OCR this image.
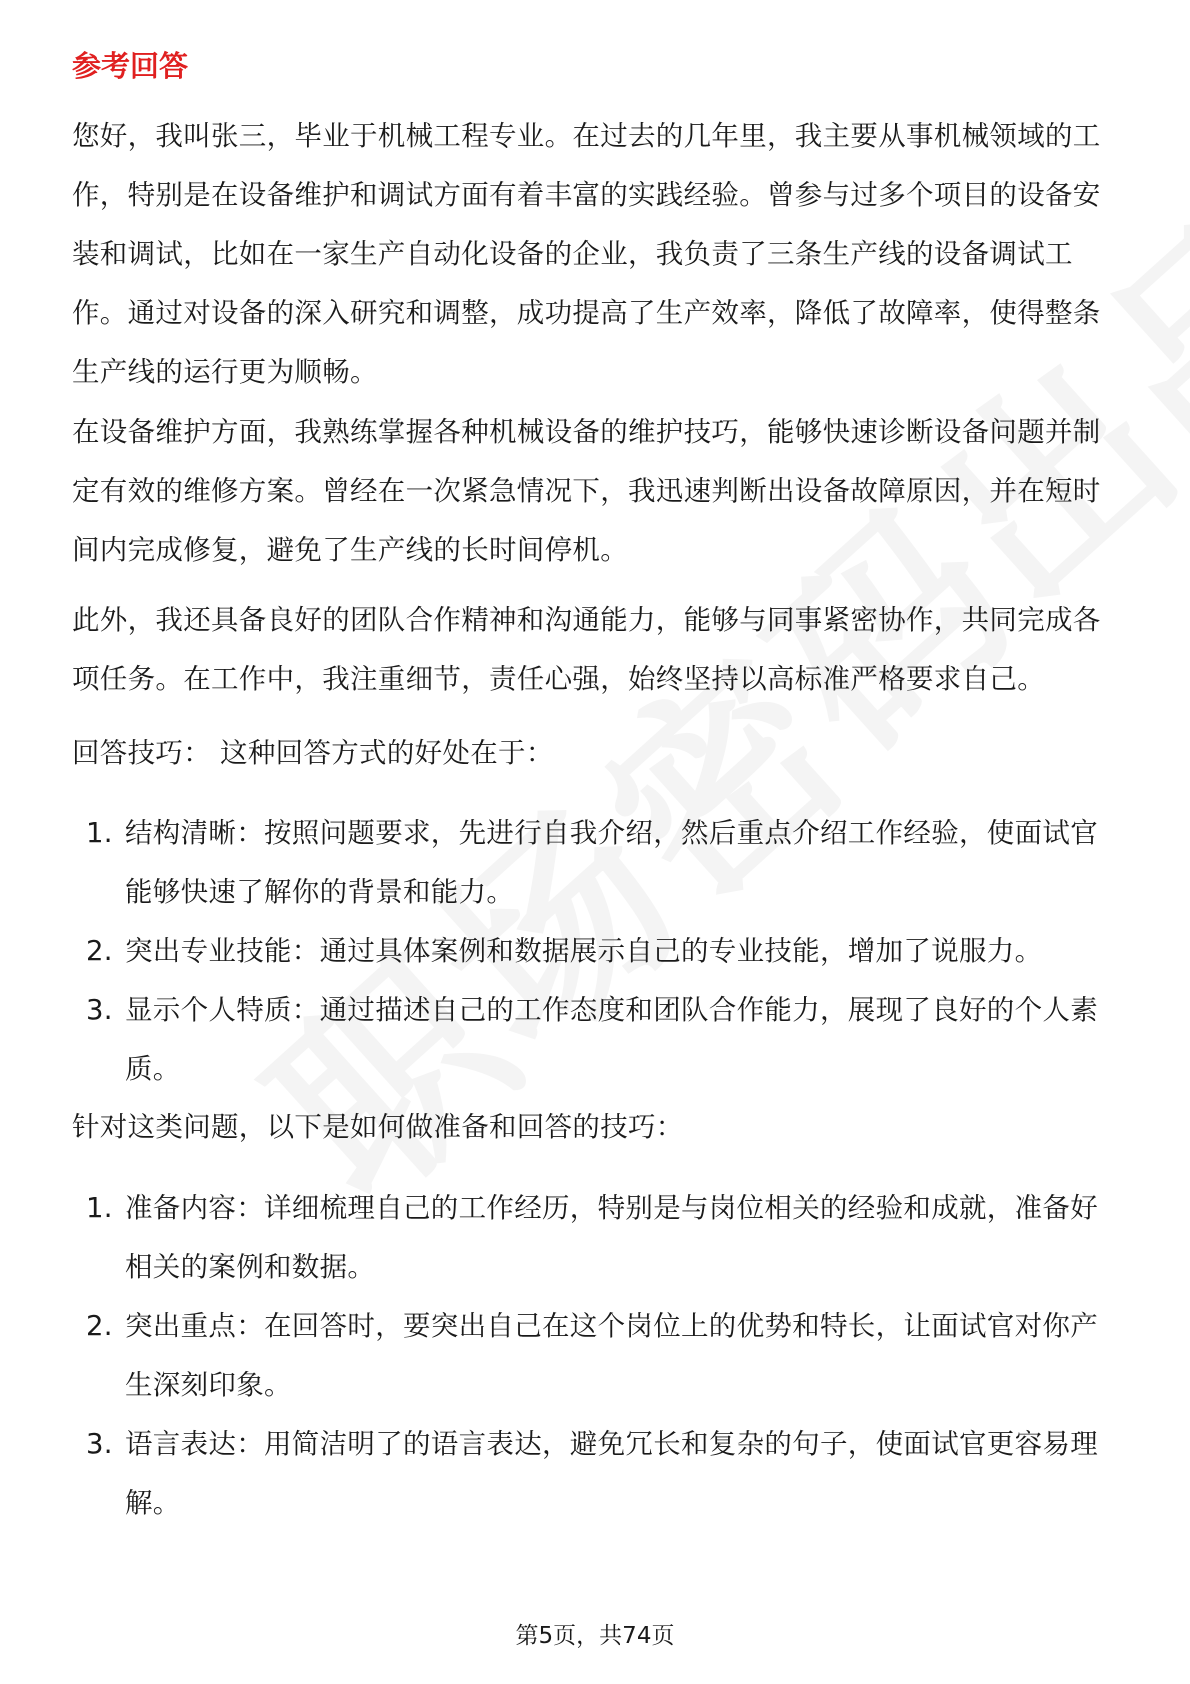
参考回答
您好，我叫张三，毕业于机械工程专业。在过去的几年里，我主要从事机械领域的工作，特别是在设备维护和调试方面有着丰富的实践经验。曾参与过多个项目的设备安装和调试，比如在一家生产自动化设备的企业，我负责了三条生产线的设备调试工作。通过对设备的深入研究和调整，成功提高了生产效率，降低了故障率，使得整条生产线的运行更为顺畅。
在设备维护方面，我熟练掌握各种机械设备的维护技巧，能够快速诊断设备问题并制定有效的维修方案。曾经在一次紧急情况下，我迅速判断出设备故障原因，并在短时间内完成修复，避免了生产线的长时间停机。
此外，我还具备良好的团队合作精神和沟通能力，能够与同事紧密协作，共同完成各项任务。在工作中，我注重细节，责任心强，始终坚持以高标准严格要求自己。
回答技巧： 这种回答方式的好处在于：
1. 结构清晰：按照问题要求，先进行自我介绍，然后重点介绍工作经验，使面试官能够快速了解你的背景和能力。
2. 突出专业技能：通过具体案例和数据展示自己的专业技能，增加了说服力。
3. 显示个人特质：通过描述自己的工作态度和团队合作能力，展现了良好的个人素质。
针对这类问题，以下是如何做准备和回答的技巧：
1. 准备内容：详细梳理自己的工作经历，特别是与岗位相关的经验和成就，准备好相关的案例和数据。
2. 突出重点：在回答时，要突出自己在这个岗位上的优势和特长，让面试官对你产生深刻印象。
3. 语言表达：用简洁明了的语言表达，避免冗长和复杂的句子，使面试官更容易理解。
第5页，共74页
